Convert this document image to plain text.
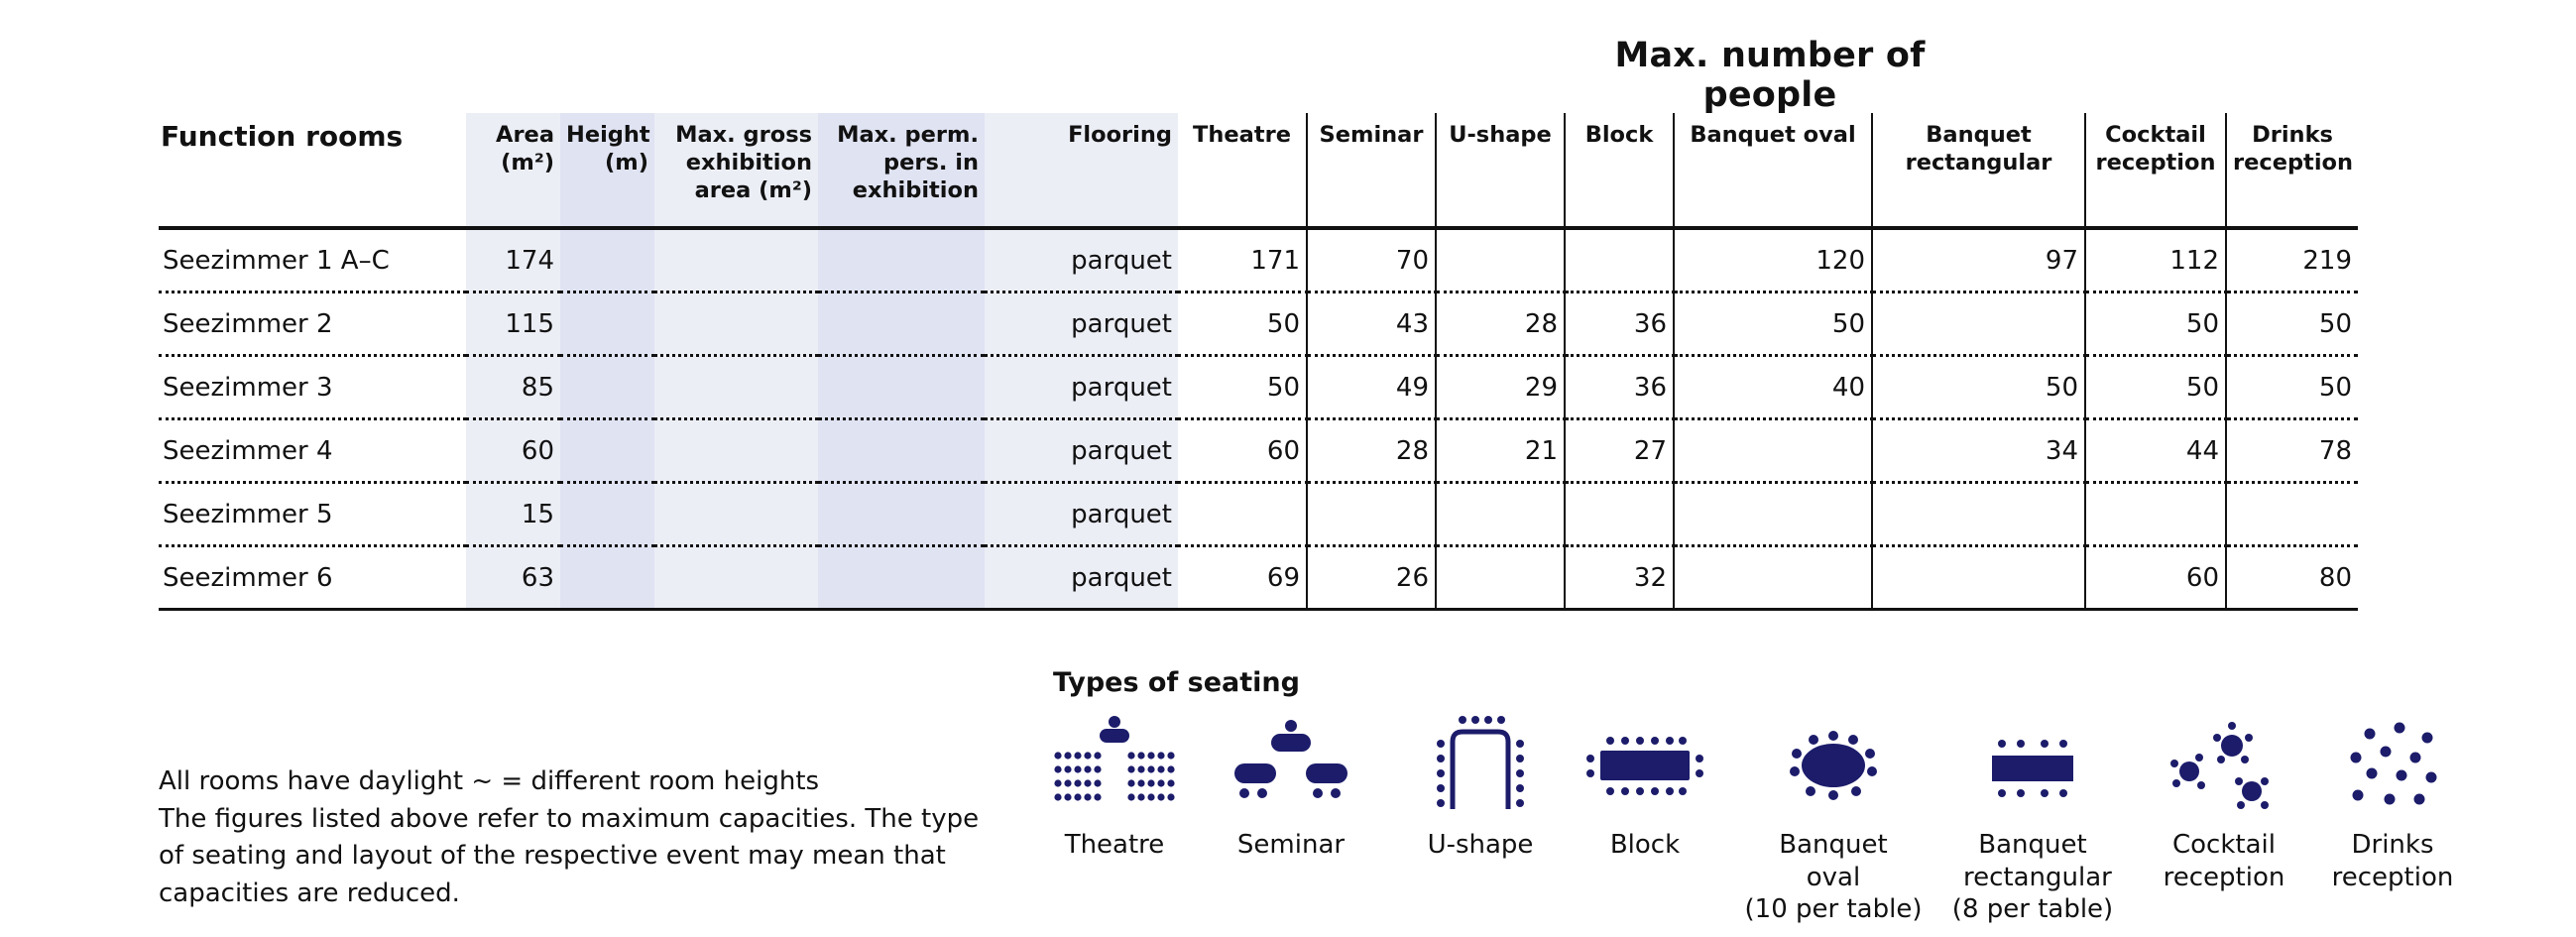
Max. number of people
Function rooms	Area (m²)	Height (m)	Max. gross exhibition area (m²)	Max. perm. pers. in exhibition	Flooring	Theatre	Seminar	U-shape	Block	Banquet oval	Banquet rectangular	Cocktail reception	Drinks reception
Seezimmer 1 A–C	174				parquet	171	70			120	97	112	219
Seezimmer 2	115				parquet	50	43	28	36	50		50	50
Seezimmer 3	85				parquet	50	49	29	36	40	50	50	50
Seezimmer 4	60				parquet	60	28	21	27		34	44	78
Seezimmer 5	15				parquet								
Seezimmer 6	63				parquet	69	26		32			60	80
All rooms have daylight ~ = different room heights
The figures listed above refer to maximum capacities. The type of seating and layout of the respective event may mean that capacities are reduced.
Types of seating
Theatre	Seminar	U-shape	Block	Banquet oval
(10 per table)
Banquet rectangular
(8 per table)
Cocktail reception
Drinks reception
